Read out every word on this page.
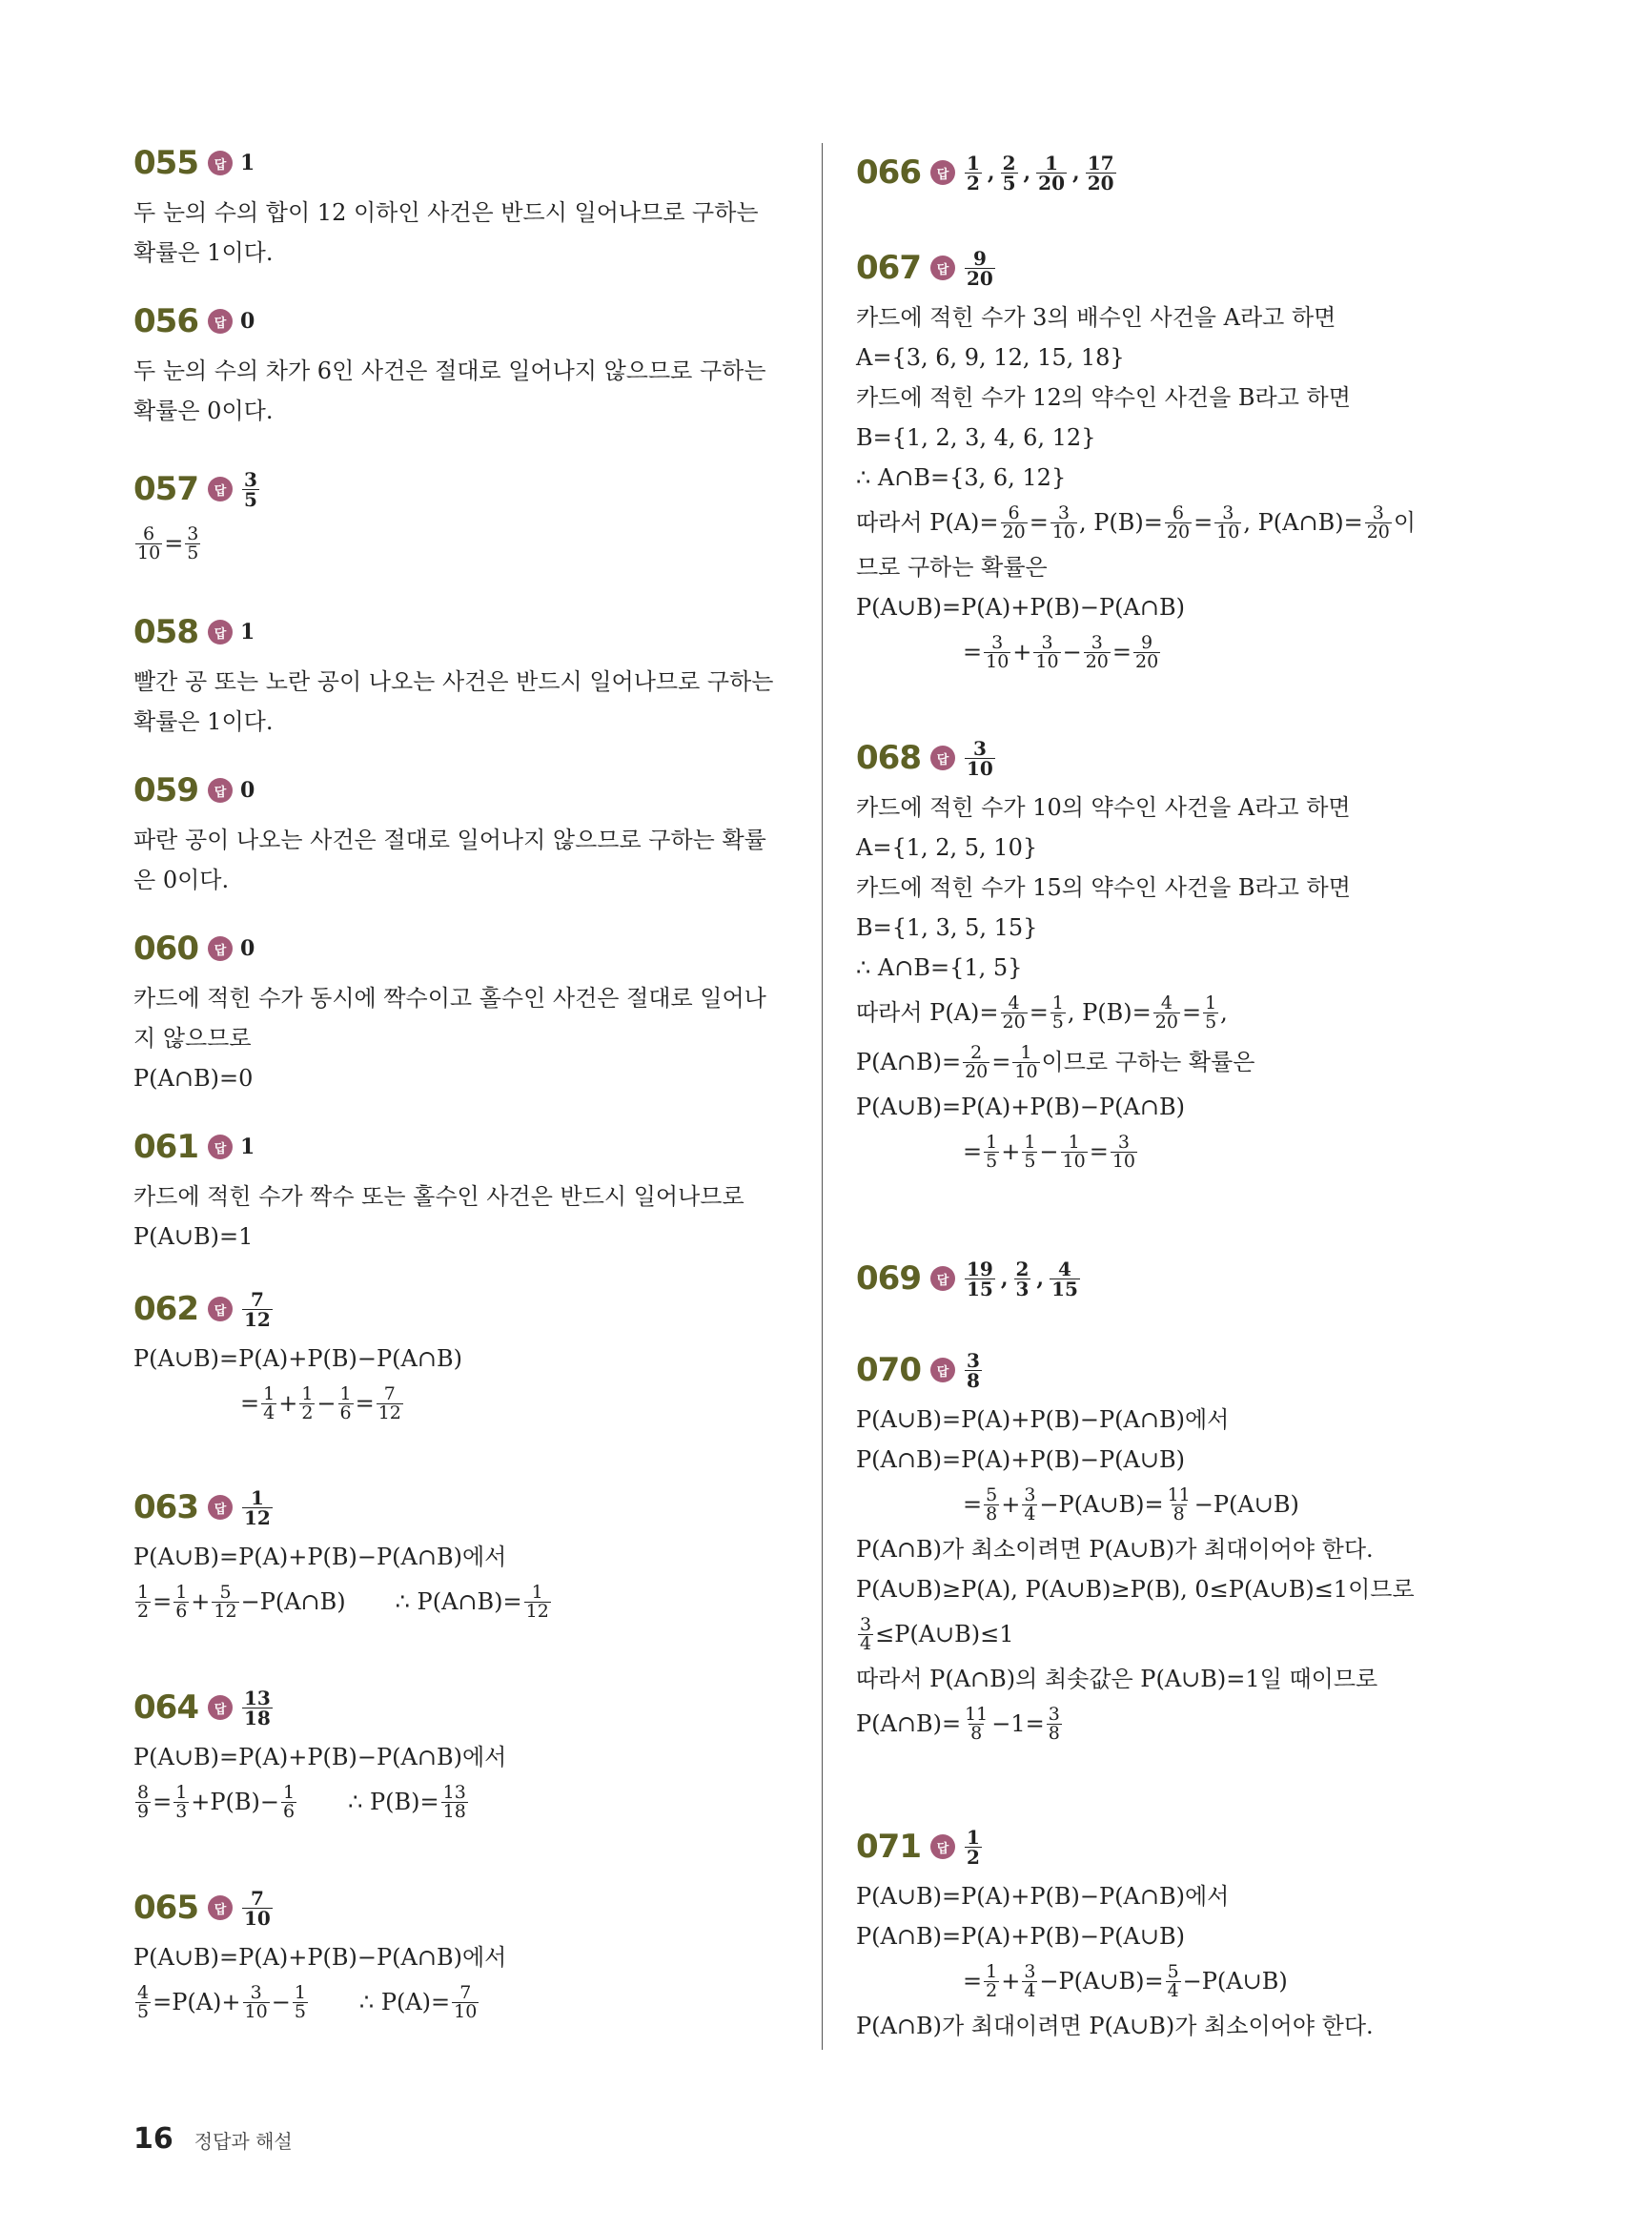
055	답 1
두 눈의 수의 합이 12 이하인 사건은 반드시 일어나므로 구하는
확률은 1이다.
056	답 0
두 눈의 수의 차가 6인 사건은 절대로 일어나지 않으므로 구하는
확률은 0이다.
057	답 $\frac{3}{5}$
$\frac{6}{10} = \frac{3}{5}$
058	답 1
빨간 공 또는 노란 공이 나오는 사건은 반드시 일어나므로 구하는
확률은 1이다.
059	답 0
파란 공이 나오는 사건은 절대로 일어나지 않으므로 구하는 확률
은 0이다.
060	답 0
카드에 적힌 수가 동시에 짝수이고 홀수인 사건은 절대로 일어나
지 않으므로
P(A∩B)=0
061	답 1
카드에 적힌 수가 짝수 또는 홀수인 사건은 반드시 일어나므로
P(A∪B)=1
062	답 $\frac{7}{12}$
P(A∪B)=P(A)+P(B)−P(A∩B)
= $\frac{1}{4} + \frac{1}{2} - \frac{1}{6} = \frac{7}{12}$
063	답 $\frac{1}{12}$
P(A∪B)=P(A)+P(B)−P(A∩B)에서
$\frac{1}{2} = \frac{1}{6} + \frac{5}{12}$ −P(A∩B) ∴ P(A∩B)= $\frac{1}{12}$
064	답 $\frac{13}{18}$
P(A∪B)=P(A)+P(B)−P(A∩B)에서
$\frac{8}{9} = \frac{1}{3} +P(B)- \frac{1}{6}$ ∴ $P(B)= \frac{13}{18}$
065	답 $\frac{7}{10}$
P(A∪B)=P(A)+P(B)−P(A∩B)에서
$\frac{4}{5} =P(A)+ \frac{3}{10} - \frac{1}{5}$ ∴ $P(A)= \frac{7}{10}$
066	답 $\frac{1}{2}$ , $\frac{2}{5}$ , $\frac{1}{20}$ , $\frac{17}{20}$
067	답 $\frac{9}{20}$
카드에 적힌 수가 3의 배수인 사건을 A라고 하면
A={3, 6, 9, 12, 15, 18}
카드에 적힌 수가 12의 약수인 사건을 B라고 하면
B={1, 2, 3, 4, 6, 12}
∴ A∩B={3, 6, 12}
따라서 $P(A)= \frac{6}{20} = \frac{3}{10}$ , $P(B)= \frac{6}{20} = \frac{3}{10}$ , P(A∩B)= $\frac{3}{20}$ 이
므로 구하는 확률은
P(A∪B)=P(A)+P(B)−P(A∩B)
= $\frac{3}{10} + \frac{3}{10} - \frac{3}{20} = \frac{9}{20}$
068	답 $\frac{3}{10}$
카드에 적힌 수가 10의 약수인 사건을 A라고 하면
A={1, 2, 5, 10}
카드에 적힌 수가 15의 약수인 사건을 B라고 하면
B={1, 3, 5, 15}
∴ A∩B={1, 5}
따라서 $P(A)= \frac{4}{20} = \frac{1}{5}$ , $P(B)= \frac{4}{20} = \frac{1}{5}$ ,
P(A∩B)= $\frac{2}{20} = \frac{1}{10}$ 이므로 구하는 확률은
P(A∪B)=P(A)+P(B)−P(A∩B)
= $\frac{1}{5} + \frac{1}{5} - \frac{1}{10} = \frac{3}{10}$
069	답 $\frac{19}{15}$ , $\frac{2}{3}$ , $\frac{4}{15}$
070	답 $\frac{3}{8}$
P(A∪B)=P(A)+P(B)−P(A∩B)에서
P(A∩B)=P(A)+P(B)−P(A∪B)
= $\frac{5}{8} + \frac{3}{4}$ −P(A∪B)= $\frac{11}{8}$ −P(A∪B)
P(A∩B)가 최소이려면 P(A∪B)가 최대이어야 한다.
P(A∪B)≥P(A), P(A∪B)≥P(B), 0≤P(A∪B)≤1이므로
$\frac{3}{4}$ ≤P(A∪B)≤1
따라서 P(A∩B)의 최솟값은 P(A∪B)=1일 때이므로
P(A∩B)= $\frac{11}{8} -1= \frac{3}{8}$
071	답 $\frac{1}{2}$
P(A∪B)=P(A)+P(B)−P(A∩B)에서
P(A∩B)=P(A)+P(B)−P(A∪B)
= $\frac{1}{2} + \frac{3}{4}$ −P(A∪B)= $\frac{5}{4}$ −P(A∪B)
P(A∩B)가 최대이려면 P(A∪B)가 최소이어야 한다.
16 정답과 해설
